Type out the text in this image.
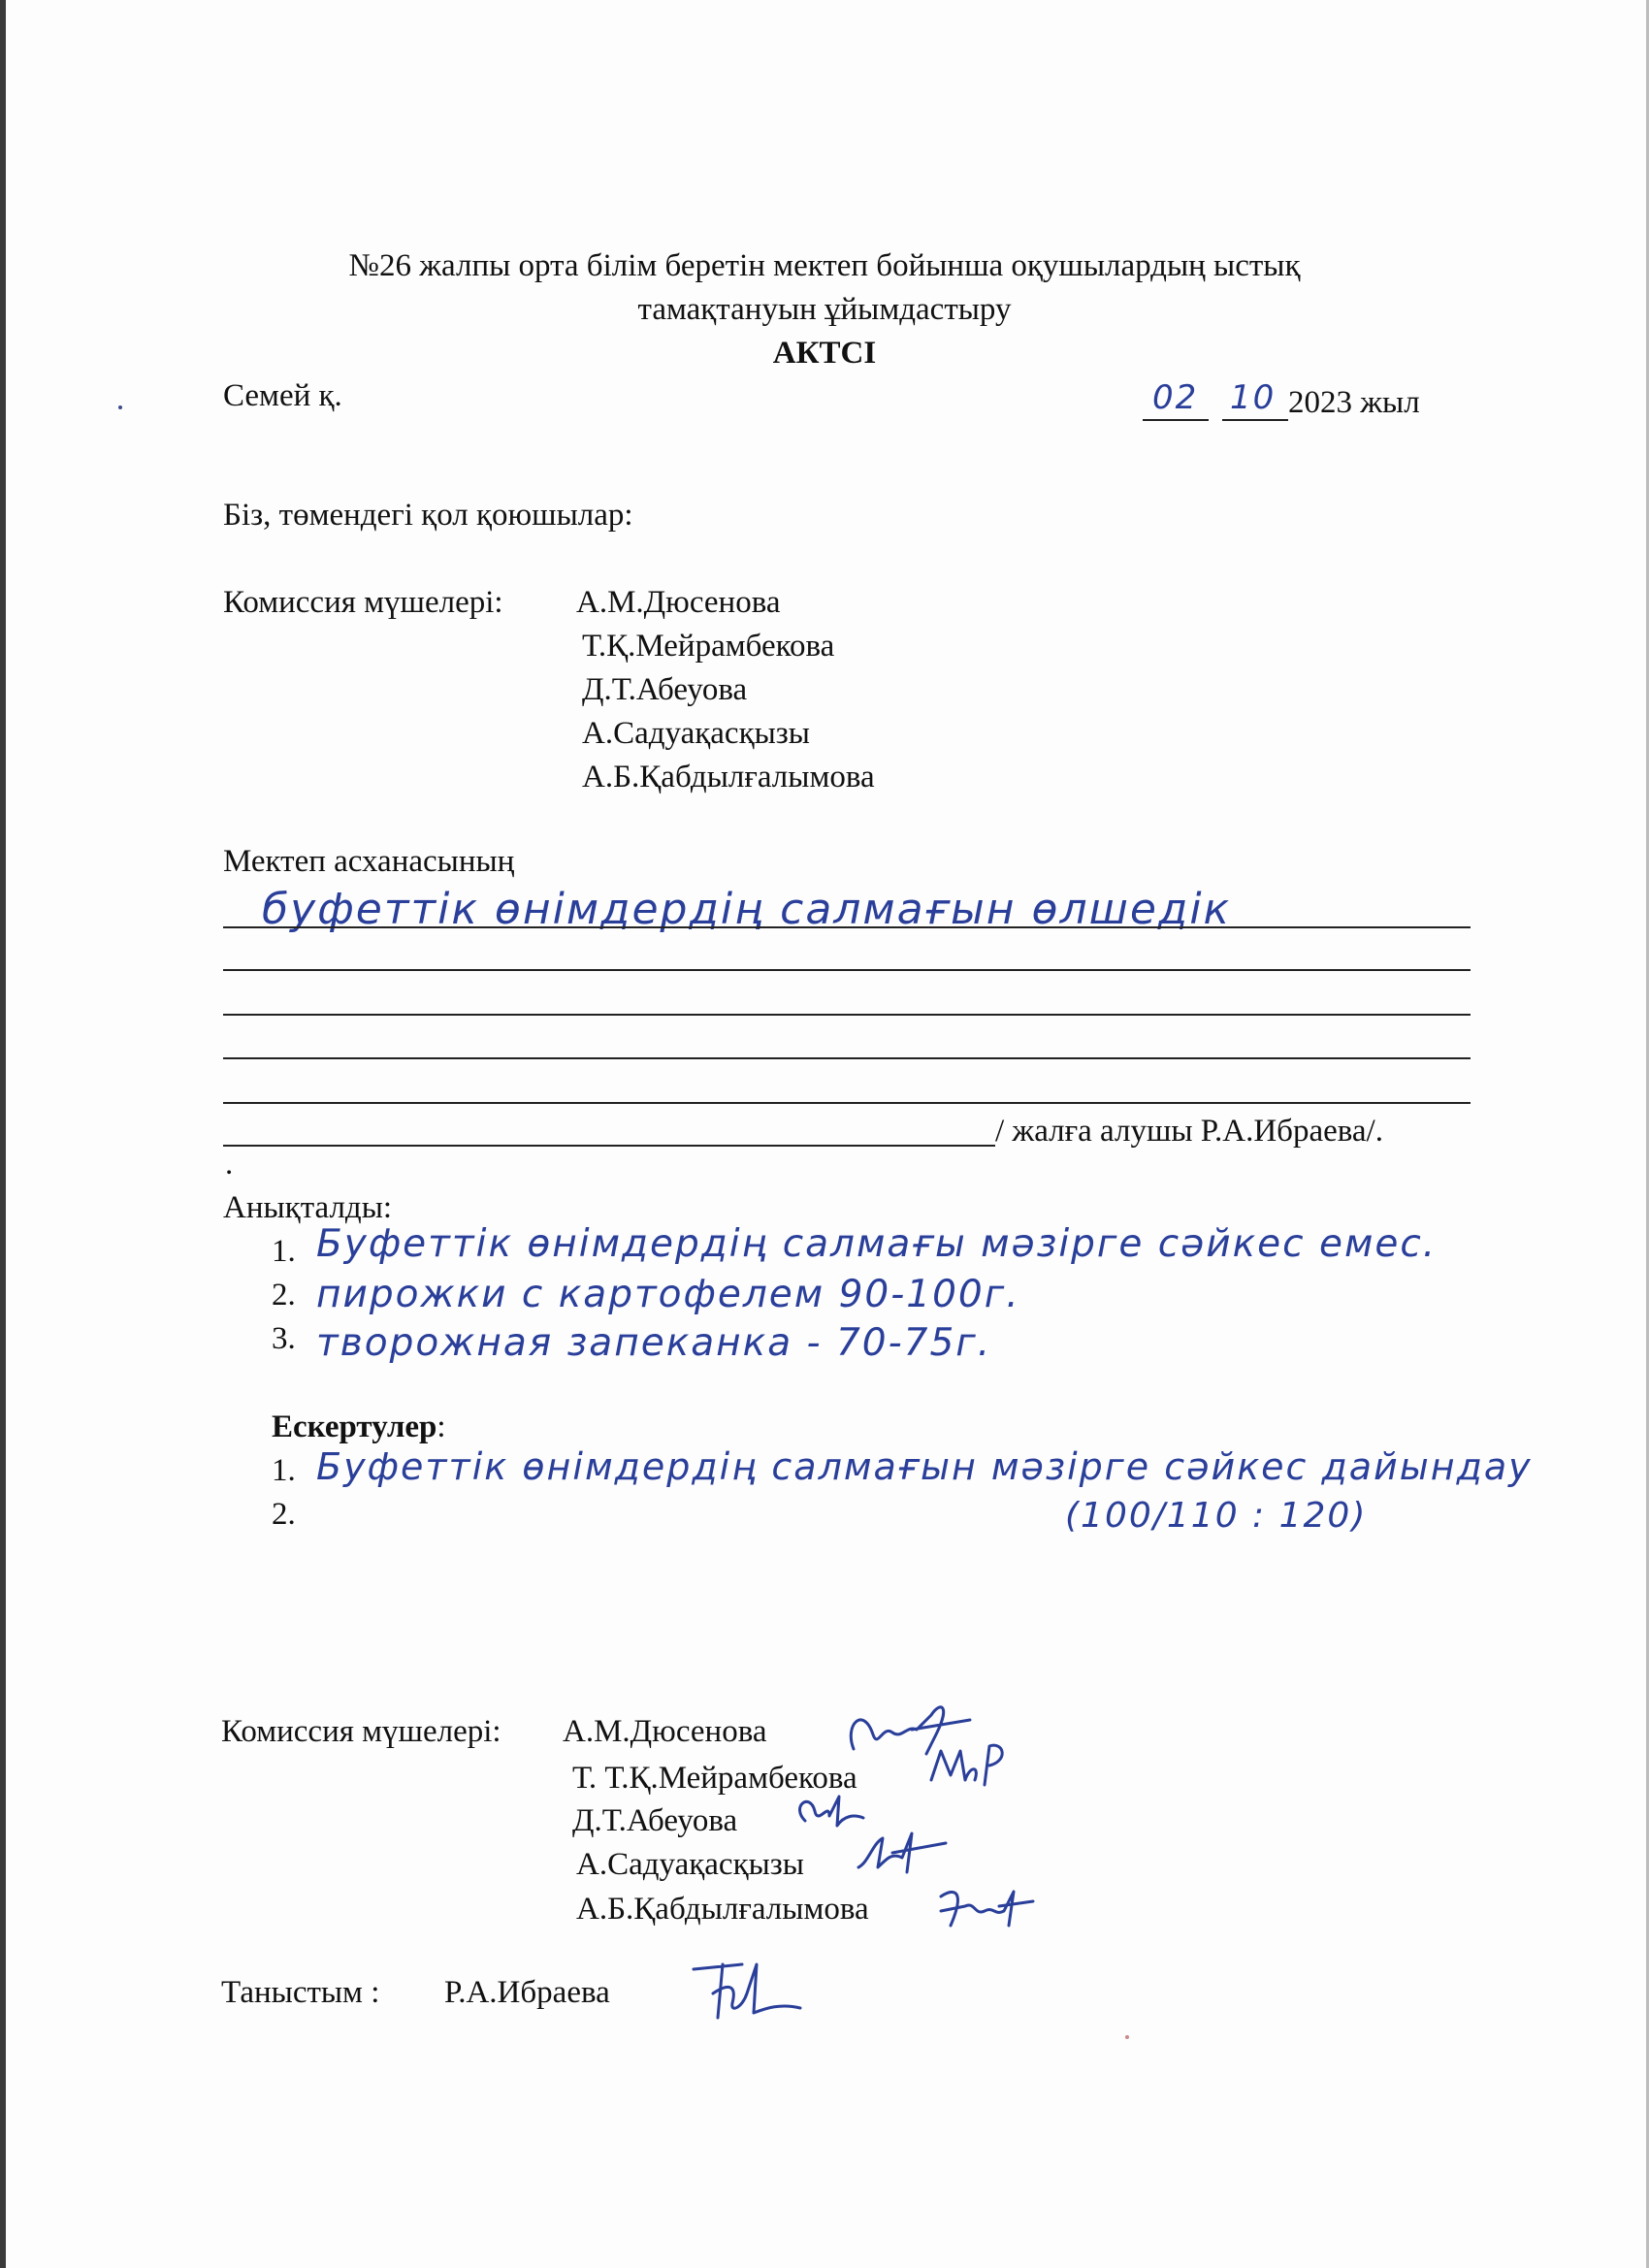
№26 жалпы орта білім беретін мектеп бойынша оқушылардың ыстық
тамақтануын ұйымдастыру
АКТСІ
Семей қ.	02 10 2023 жыл
Біз, төмендегі қол қоюшылар:
Комиссия мүшелері: А.М.Дюсенова
Т.Қ.Мейрамбекова
Д.Т.Абеуова
А.Садуақасқызы
А.Б.Қабдылғалымова
Мектеп асханасының
буфеттік өнімдердің салмағын өлшедік
/ жалға алушы Р.А.Ибраева/.
.
Анықталды:
1.
2.
3.
Буфеттік өнімдердің салмағы мәзірге сәйкес емес.
пирожки с картофелем 90-100г.
творожная запеканка - 70-75г.
Ескертулер:
1.
2.
Буфеттік өнімдердің салмағын мәзірге сәйкес дайындау
(100/110 : 120)
Комиссия мүшелері: А.М.Дюсенова
Т. Т.Қ.Мейрамбекова
Д.Т.Абеуова
А.Садуақасқызы
А.Б.Қабдылғалымова
Таныстым : Р.А.Ибраева
